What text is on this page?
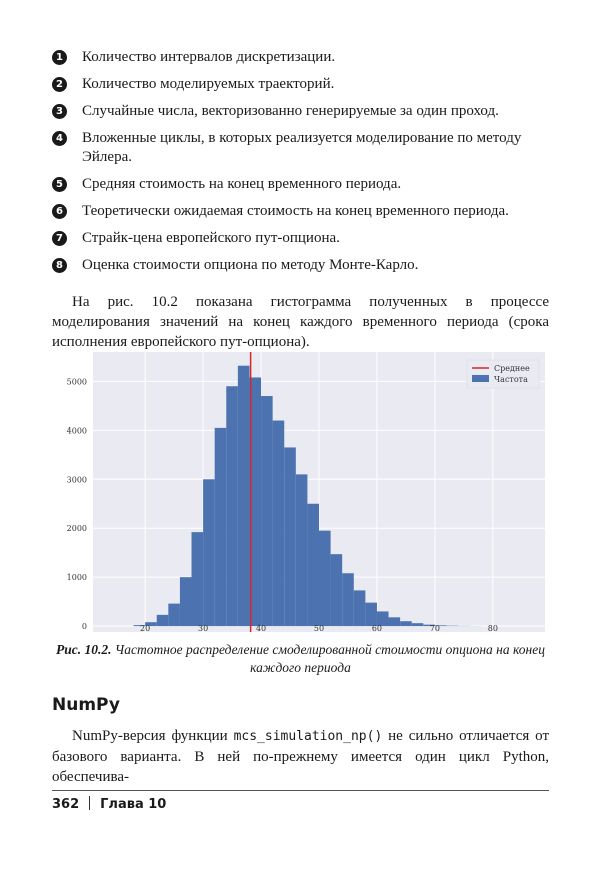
1 Количество интервалов дискретизации.
2 Количество моделируемых траекторий.
3 Случайные числа, векторизованно генерируемые за один проход.
4 Вложенные циклы, в которых реализуется моделирование по методу Эйлера.
5 Средняя стоимость на конец временного периода.
6 Теоретически ожидаемая стоимость на конец временного периода.
7 Страйк-цена европейского пут-опциона.
8 Оценка стоимости опциона по методу Монте-Карло.

На рис. 10.2 показана гистограмма полученных в процессе моделирования значений на конец каждого временного периода (срока исполнения европейского пут-опциона).

0
1000
2000
3000
4000
5000
20	30	40	50	60	70	80
Среднее
Частота
Рис. 10.2. Частотное распределение смоделированной стоимости опциона на конец каждого периода
NumPy

NumPy-версия функции mcs_simulation_np() не сильно отличается от базового варианта. В ней по-прежнему имеется один цикл Python, обеспечива-

362 Глава 10
